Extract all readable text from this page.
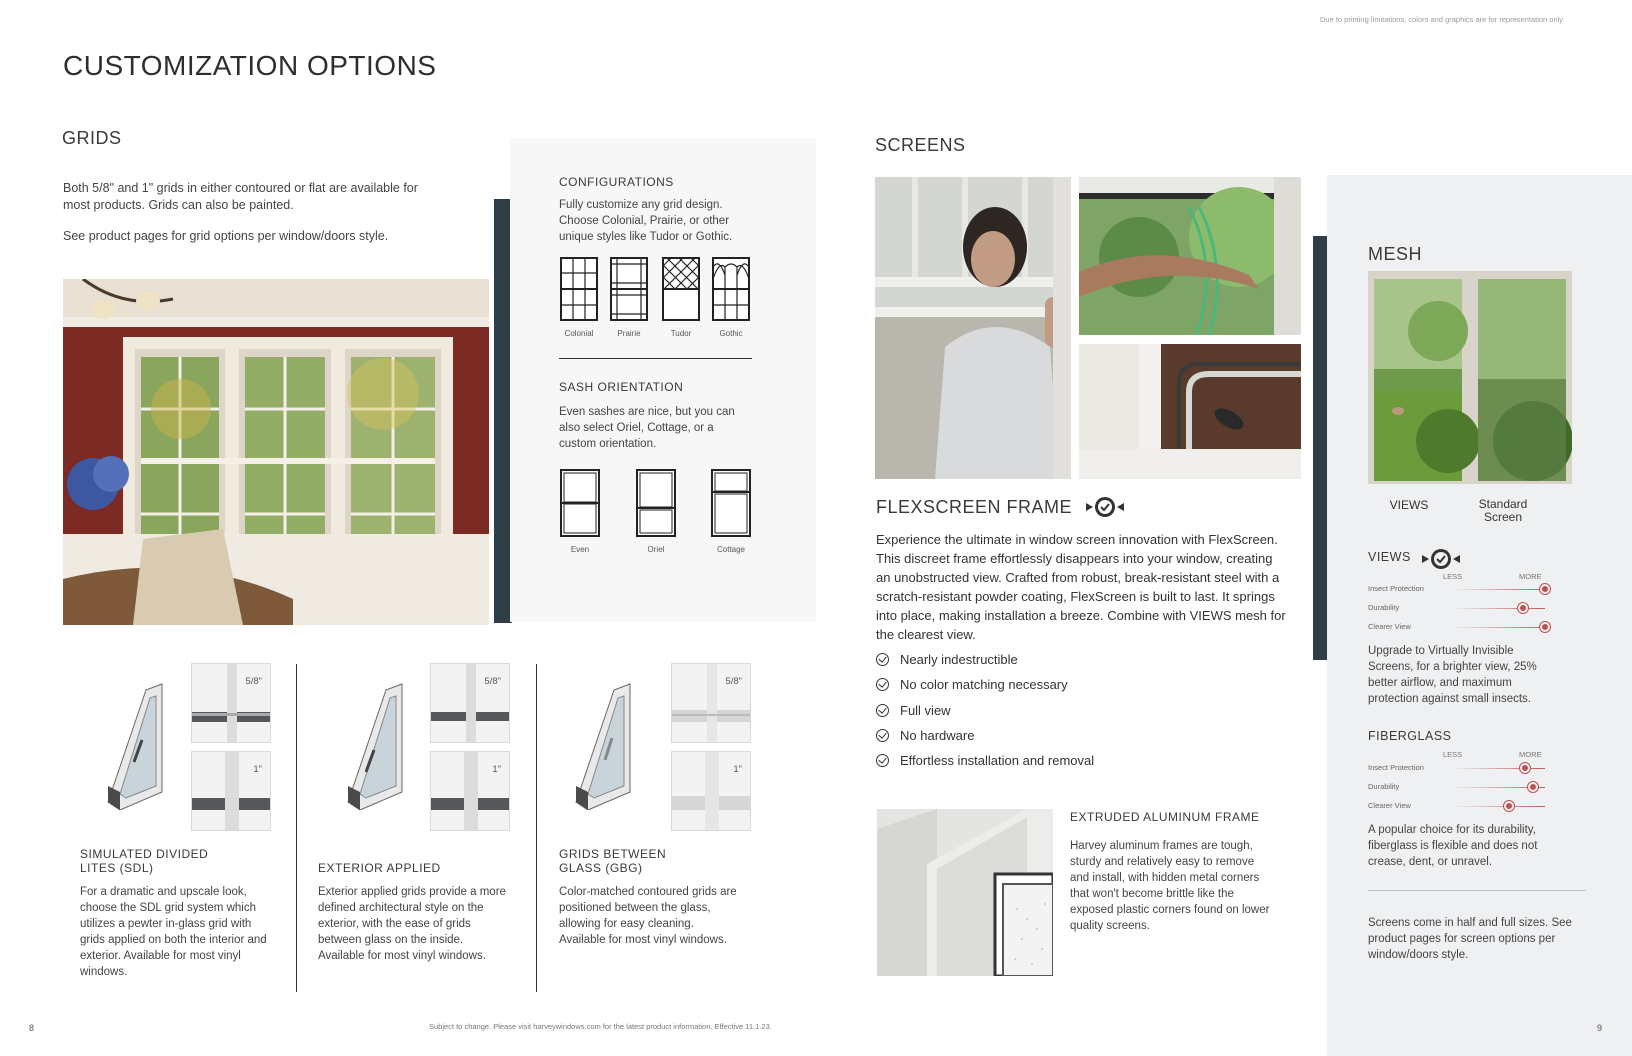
Due to printing limitations, colors and graphics are for representation only
CUSTOMIZATION OPTIONS
GRIDS

Both 5/8" and 1" grids in either contoured or flat are available for most products. Grids can also be painted.

See product pages for grid options per window/doors style.

CONFIGURATIONS

Fully customize any grid design. Choose Colonial, Prairie, or other unique styles like Tudor or Gothic.

Colonial	Prairie	Tudor	Gothic
SASH ORIENTATION

Even sashes are nice, but you can also select Oriel, Cottage, or a custom orientation.

Even	Oriel	Cottage
5/8"
1"
SIMULATED DIVIDED LITES (SDL)

For a dramatic and upscale look, choose the SDL grid system which utilizes a pewter in-glass grid with grids applied on both the interior and exterior. Available for most vinyl windows.

5/8"
1"
EXTERIOR APPLIED

Exterior applied grids provide a more defined architectural style on the exterior, with the ease of grids between glass on the inside. Available for most vinyl windows.

5/8"
1"
GRIDS BETWEEN GLASS (GBG)

Color-matched contoured grids are positioned between the glass, allowing for easy cleaning. Available for most vinyl windows.

SCREENS
FLEXSCREEN FRAME

Experience the ultimate in window screen innovation with FlexScreen. This discreet frame effortlessly disappears into your window, creating an unobstructed view. Crafted from robust, break-resistant steel with a scratch-resistant powder coating, FlexScreen is built to last. It springs into place, making installation a breeze. Combine with VIEWS mesh for the clearest view.

Nearly indestructible
No color matching necessary
Full view
No hardware
Effortless installation and removal
EXTRUDED ALUMINUM FRAME

Harvey aluminum frames are tough, sturdy and relatively easy to remove and install, with hidden metal corners that won't become brittle like the exposed plastic corners found on lower quality screens.

MESH
VIEWS	Standard Screen
VIEWS
LESS	MORE
Insect Protection
Durability
Clearer View

Upgrade to Virtually Invisible Screens, for a brighter view, 25% better airflow, and maximum protection against small insects.

FIBERGLASS
LESS	MORE
Insect Protection
Durability
Clearer View

A popular choice for its durability, fiberglass is flexible and does not crease, dent, or unravel.

Screens come in half and full sizes. See product pages for screen options per window/doors style.

8	Subject to change. Please visit harveywindows.com for the latest product information. Effective 11.1.23.	9
